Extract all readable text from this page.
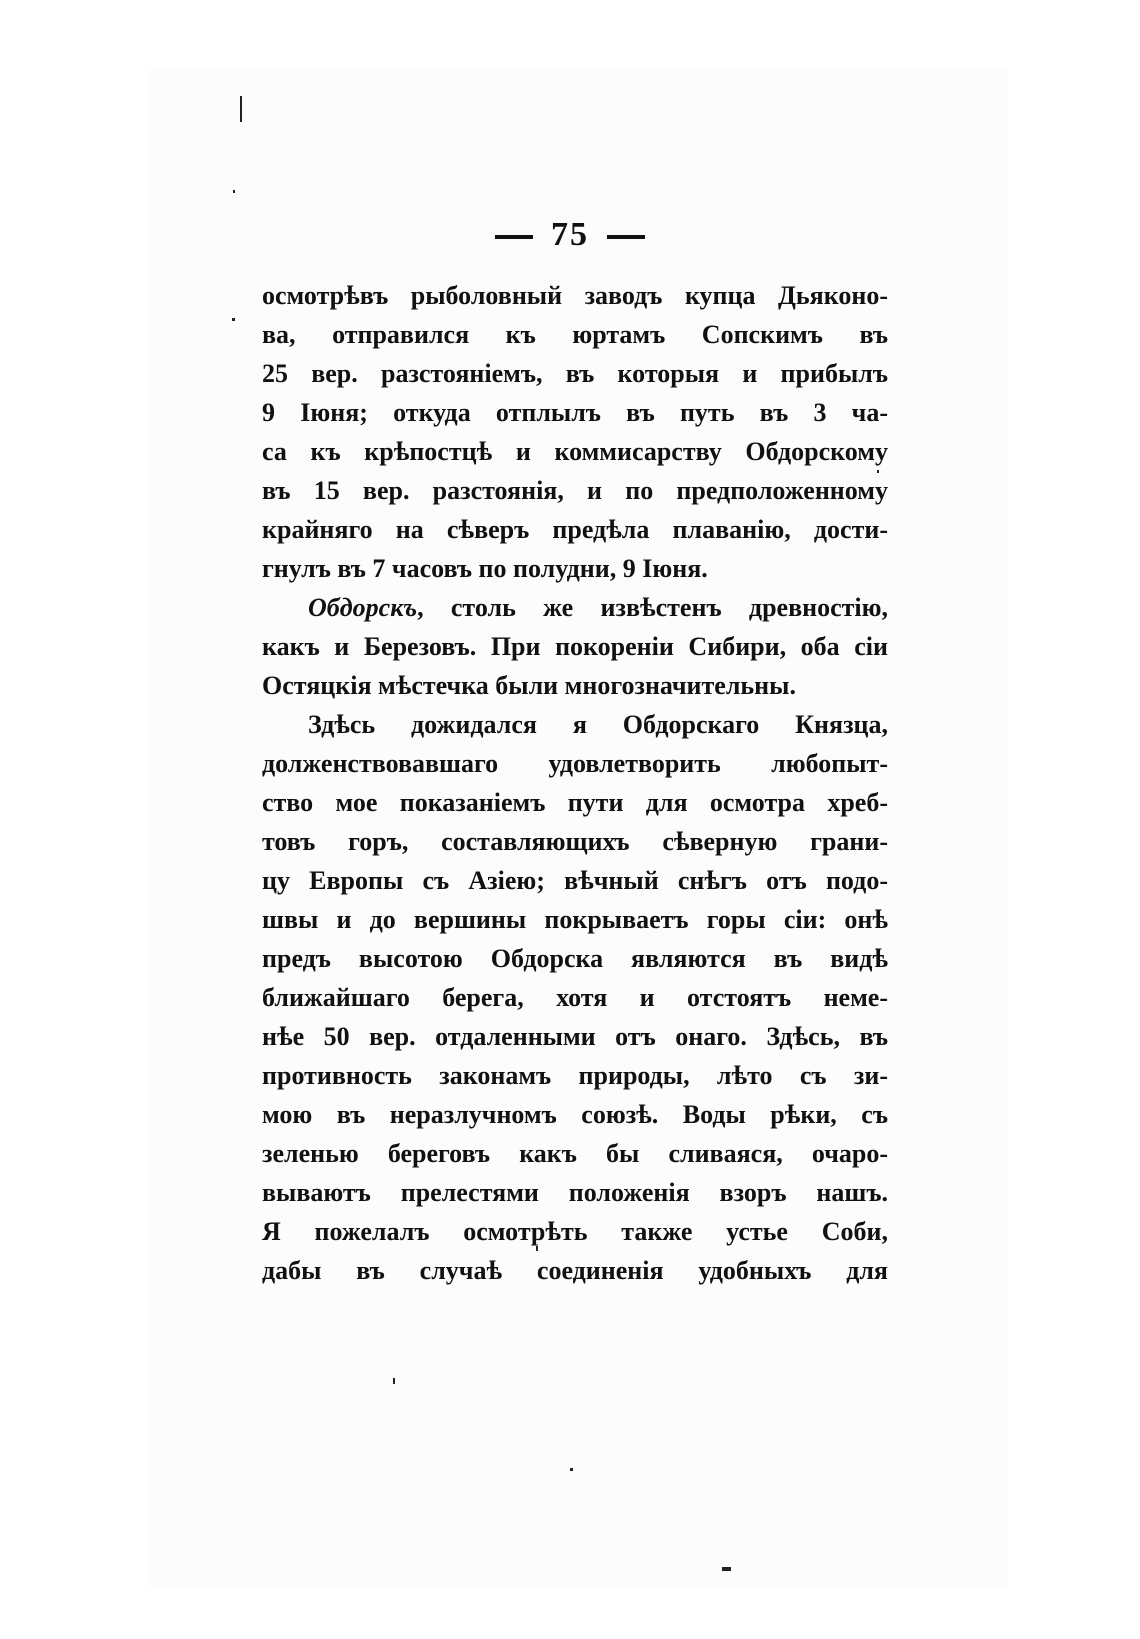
75
осмотрѣвъ рыболовный заводъ купца Дьяконо-
ва, отправился къ юртамъ Сопскимъ въ
25 вер. разстояніемъ, въ которыя и прибылъ
9 Іюня; откуда отплылъ въ путь въ 3 ча-
са къ крѣпостцѣ и коммисарству Обдорскому
въ 15 вер. разстоянія, и по предположенному
крайняго на сѣверъ предѣла плаванію, дости-
гнулъ въ 7 часовъ по полудни, 9 Іюня.
Обдорскъ, столь же извѣстенъ древностію,
какъ и Березовъ. При покореніи Сибири, оба сіи
Остяцкія мѣстечка были многозначительны.
Здѣсь дожидался я Обдорскаго Князца,
долженствовавшаго удовлетворить любопыт-
ство мое показаніемъ пути для осмотра хреб-
товъ горъ, составляющихъ сѣверную грани-
цу Европы съ Азіею; вѣчный снѣгъ отъ подо-
швы и до вершины покрываетъ горы сіи: онѣ
предъ высотою Обдорска являются въ видѣ
ближайшаго берега, хотя и отстоятъ неме-
нѣе 50 вер. отдаленными отъ онаго. Здѣсь, въ
противность законамъ природы, лѣто съ зи-
мою въ неразлучномъ союзѣ. Воды рѣки, съ
зеленью береговъ какъ бы сливаяся, очаро-
вываютъ прелестями положенія взоръ нашъ.
Я пожелалъ осмотрѣть также устье Соби,
дабы въ случаѣ соединенія удобныхъ для
